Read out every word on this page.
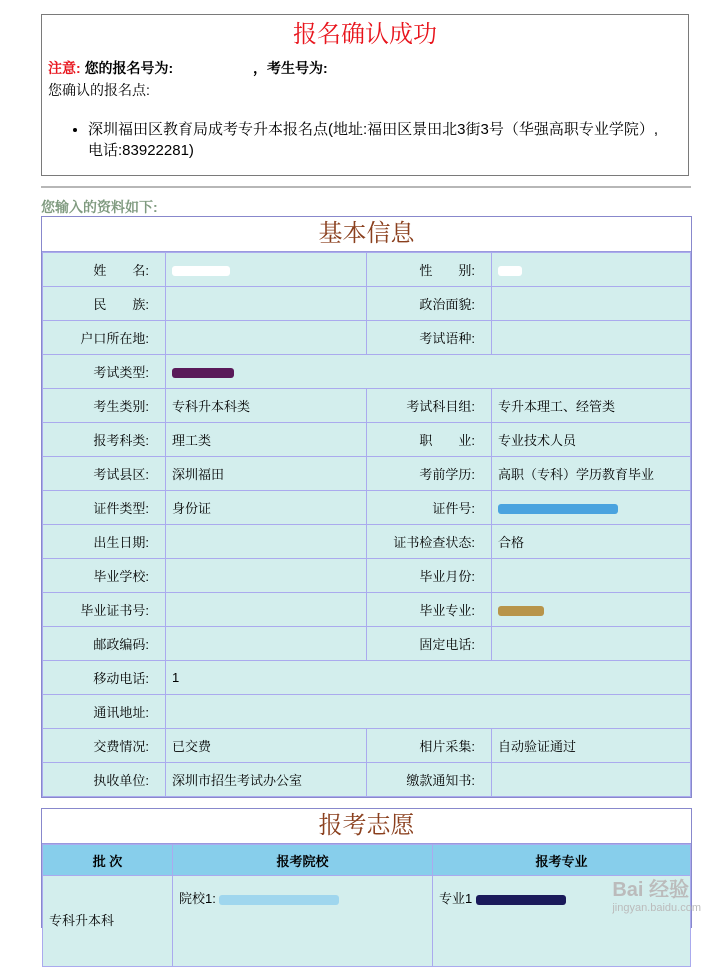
报名确认成功
注意: 您的报名号为:	，考生号为:
您确认的报名点:
• 深圳福田区教育局成考专升本报名点(地址:福田区景田北3街3号（华强高职专业学院）,电话:83922281)
您输入的资料如下:
基本信息
姓　　名:		性　　别:	
民　　族:		政治面貌:	
户口所在地:		考试语种:	
考试类型:			
考生类别:	专科升本科类	考试科目组:	专升本理工、经管类
报考科类:	理工类	职　　业:	专业技术人员
考试县区:	深圳福田	考前学历:	高职（专科）学历教育毕业
证件类型:	身份证	证件号:	
出生日期:		证书检查状态:	合格
毕业学校:		毕业月份:	
毕业证书号:		毕业专业:	
邮政编码:		固定电话:	
移动电话:	1		
通讯地址:			
交费情况:	已交费	相片采集:	自动验证通过
执收单位:	深圳市招生考试办公室	缴款通知书:	
报考志愿
批 次	报考院校	报考专业
专科升本科	院校1:	专业1	Bai 经验
jingyan.baidu.com
